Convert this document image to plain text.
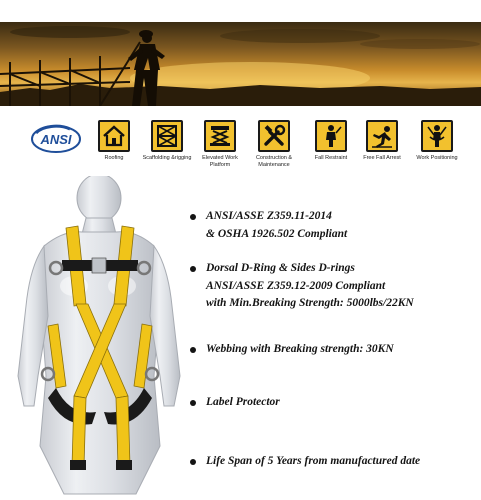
ANSI
Roofing	Scaffolding &rigging	Elevated Work Platform
Construction & Maintenance
Fall Restraint	Free Fall Arrest	Work Positioning
ANSI/ASSE Z359.11-2014
& OSHA 1926.502 Compliant
Dorsal D-Ring & Sides D-rings
ANSI/ASSE Z359.12-2009 Compliant
with Min.Breaking Strength: 5000lbs/22KN
Webbing with Breaking strength: 30KN
Label Protector
Life Span of 5 Years from manufactured date
